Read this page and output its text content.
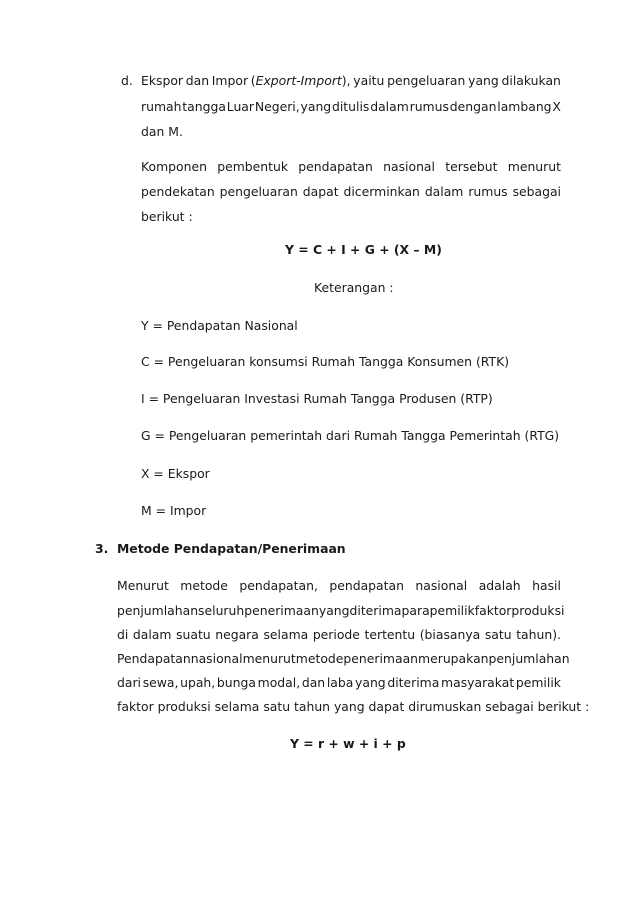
d. Ekspor dan Impor (Export-Import), yaitu pengeluaran yang dilakukan
rumah tangga Luar Negeri, yang ditulis dalam rumus dengan lambang X
dan M.
Komponen pembentuk pendapatan nasional tersebut menurut
pendekatan pengeluaran dapat dicerminkan dalam rumus sebagai
berikut :
Y = C + I + G + (X – M)
Keterangan :
Y = Pendapatan Nasional
C = Pengeluaran konsumsi Rumah Tangga Konsumen (RTK)
I = Pengeluaran Investasi Rumah Tangga Produsen (RTP)
G = Pengeluaran pemerintah dari Rumah Tangga Pemerintah (RTG)
X = Ekspor
M = Impor
3.  Metode Pendapatan/Penerimaan
Menurut metode pendapatan, pendapatan nasional adalah hasil
penjumlahan seluruh penerimaan yang diterima para pemilik faktor produksi
di dalam suatu negara selama periode tertentu (biasanya satu tahun).
Pendapatan nasional menurut metode penerimaan merupakan penjumlahan
dari sewa, upah, bunga modal, dan laba yang diterima masyarakat pemilik
faktor produksi selama satu tahun yang dapat dirumuskan sebagai berikut :
Y = r + w + i + p
